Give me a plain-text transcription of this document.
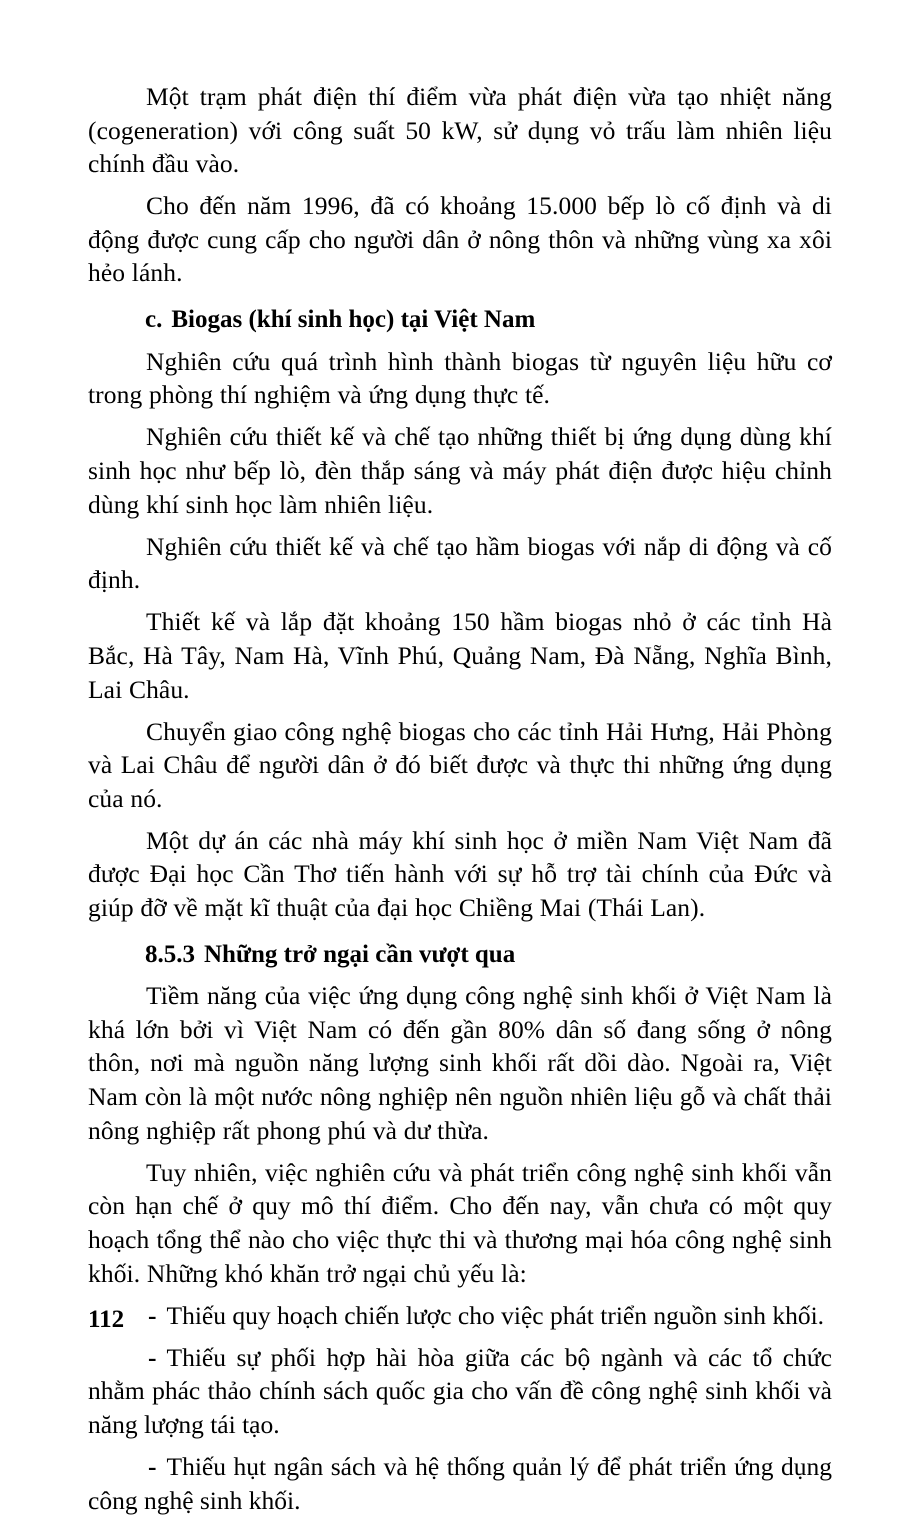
Một trạm phát điện thí điểm vừa phát điện vừa tạo nhiệt năng (cogeneration) với công suất 50 kW, sử dụng vỏ trấu làm nhiên liệu chính đầu vào.

Cho đến năm 1996, đã có khoảng 15.000 bếp lò cố định và di động được cung cấp cho người dân ở nông thôn và những vùng xa xôi hẻo lánh.

c. Biogas (khí sinh học) tại Việt Nam

Nghiên cứu quá trình hình thành biogas từ nguyên liệu hữu cơ trong phòng thí nghiệm và ứng dụng thực tế.

Nghiên cứu thiết kế và chế tạo những thiết bị ứng dụng dùng khí sinh học như bếp lò, đèn thắp sáng và máy phát điện được hiệu chỉnh dùng khí sinh học làm nhiên liệu.

Nghiên cứu thiết kế và chế tạo hầm biogas với nắp di động và cố định.

Thiết kế và lắp đặt khoảng 150 hầm biogas nhỏ ở các tỉnh Hà Bắc, Hà Tây, Nam Hà, Vĩnh Phú, Quảng Nam, Đà Nẵng, Nghĩa Bình, Lai Châu.

Chuyển giao công nghệ biogas cho các tỉnh Hải Hưng, Hải Phòng và Lai Châu để người dân ở đó biết được và thực thi những ứng dụng của nó.

Một dự án các nhà máy khí sinh học ở miền Nam Việt Nam đã được Đại học Cần Thơ tiến hành với sự hỗ trợ tài chính của Đức và giúp đỡ về mặt kĩ thuật của đại học Chiềng Mai (Thái Lan).

8.5.3 Những trở ngại cần vượt qua

Tiềm năng của việc ứng dụng công nghệ sinh khối ở Việt Nam là khá lớn bởi vì Việt Nam có đến gần 80% dân số đang sống ở nông thôn, nơi mà nguồn năng lượng sinh khối rất dồi dào. Ngoài ra, Việt Nam còn là một nước nông nghiệp nên nguồn nhiên liệu gỗ và chất thải nông nghiệp rất phong phú và dư thừa.

Tuy nhiên, việc nghiên cứu và phát triển công nghệ sinh khối vẫn còn hạn chế ở quy mô thí điểm. Cho đến nay, vẫn chưa có một quy hoạch tổng thể nào cho việc thực thi và thương mại hóa công nghệ sinh khối. Những khó khăn trở ngại chủ yếu là:

- Thiếu quy hoạch chiến lược cho việc phát triển nguồn sinh khối.

- Thiếu sự phối hợp hài hòa giữa các bộ ngành và các tổ chức nhằm phác thảo chính sách quốc gia cho vấn đề công nghệ sinh khối và năng lượng tái tạo.

- Thiếu hụt ngân sách và hệ thống quản lý để phát triển ứng dụng công nghệ sinh khối.

112
